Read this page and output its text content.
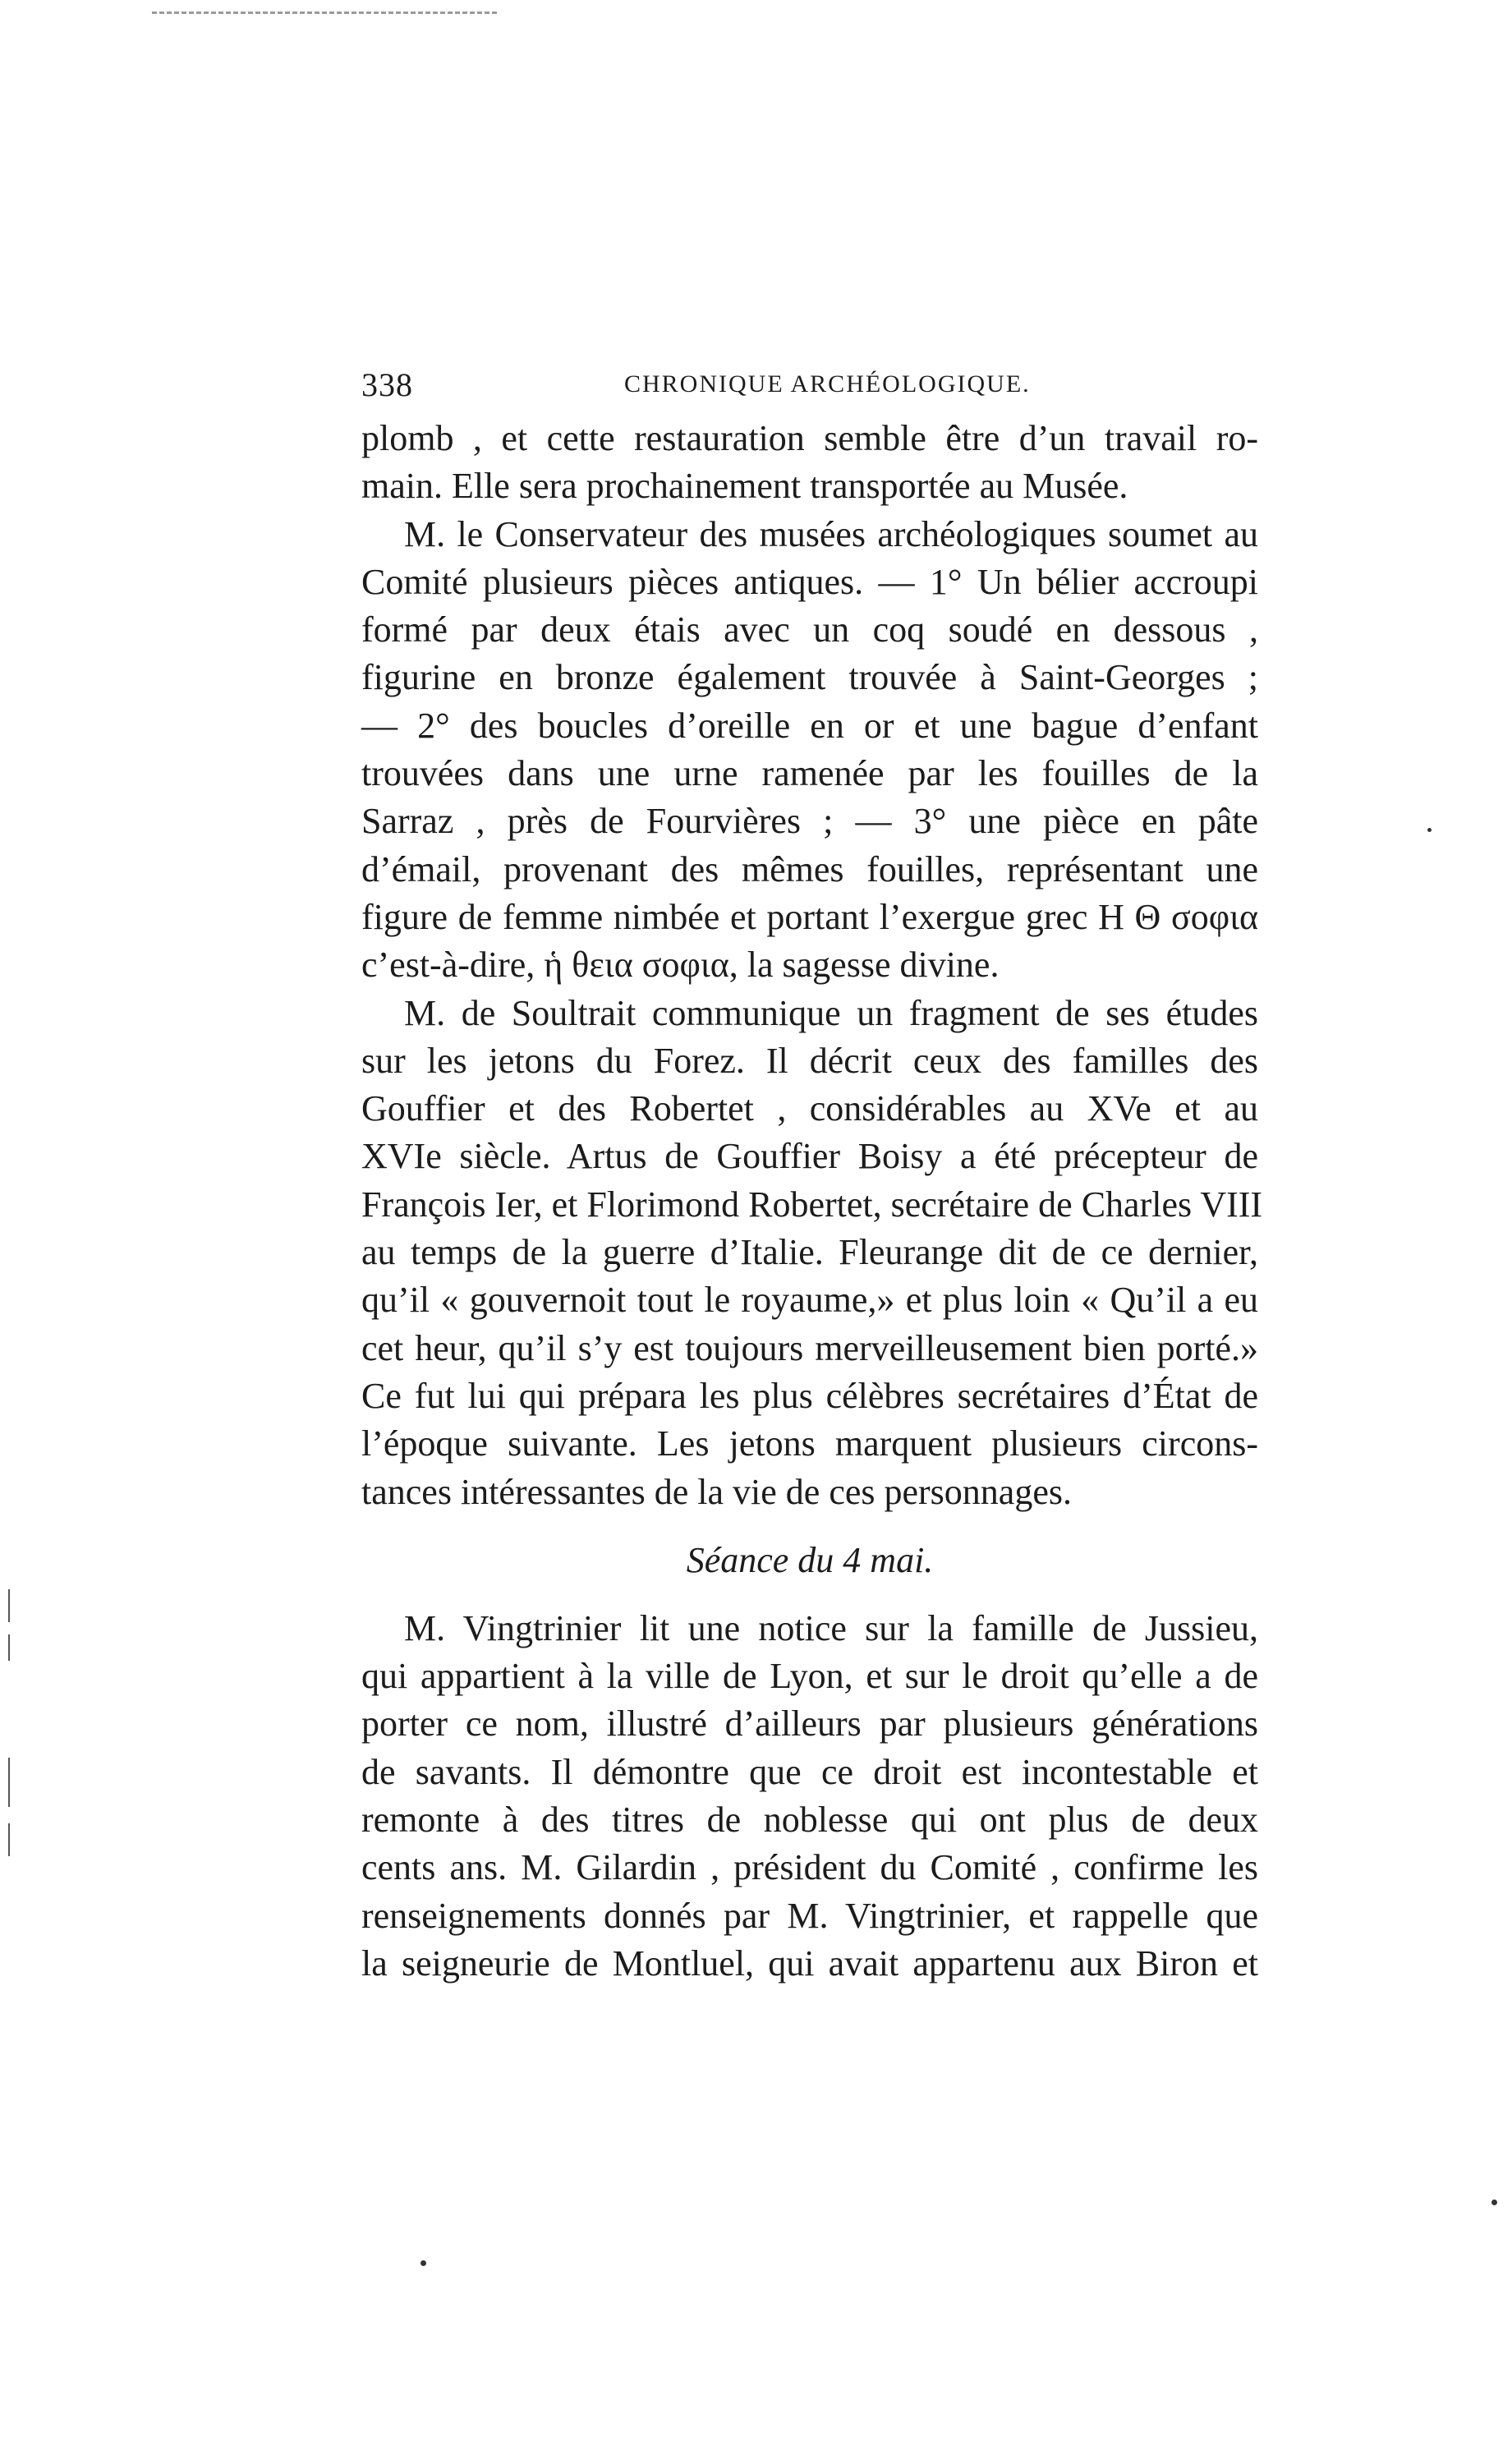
338	CHRONIQUE ARCHÉOLOGIQUE.
plomb , et cette restauration semble être d’un travail ro-
main. Elle sera prochainement transportée au Musée.
M. le Conservateur des musées archéologiques soumet au
Comité plusieurs pièces antiques. — 1° Un bélier accroupi
formé par deux étais avec un coq soudé en dessous ,
figurine en bronze également trouvée à Saint-Georges ;
— 2° des boucles d’oreille en or et une bague d’enfant
trouvées dans une urne ramenée par les fouilles de la
Sarraz , près de Fourvières ; — 3° une pièce en pâte
d’émail, provenant des mêmes fouilles, représentant une
figure de femme nimbée et portant l’exergue grec H Θ σοφια
c’est-à-dire, ἡ θεια σοφια, la sagesse divine.
M. de Soultrait communique un fragment de ses études
sur les jetons du Forez. Il décrit ceux des familles des
Gouffier et des Robertet , considérables au XVe et au
XVIe siècle. Artus de Gouffier Boisy a été précepteur de
François Ier, et Florimond Robertet, secrétaire de Charles VIII
au temps de la guerre d’Italie. Fleurange dit de ce dernier,
qu’il « gouvernoit tout le royaume,» et plus loin « Qu’il a eu
cet heur, qu’il s’y est toujours merveilleusement bien porté.»
Ce fut lui qui prépara les plus célèbres secrétaires d’État de
l’époque suivante. Les jetons marquent plusieurs circons-
tances intéressantes de la vie de ces personnages.
Séance du 4 mai.
M. Vingtrinier lit une notice sur la famille de Jussieu,
qui appartient à la ville de Lyon, et sur le droit qu’elle a de
porter ce nom, illustré d’ailleurs par plusieurs générations
de savants. Il démontre que ce droit est incontestable et
remonte à des titres de noblesse qui ont plus de deux
cents ans. M. Gilardin , président du Comité , confirme les
renseignements donnés par M. Vingtrinier, et rappelle que
la seigneurie de Montluel, qui avait appartenu aux Biron et
